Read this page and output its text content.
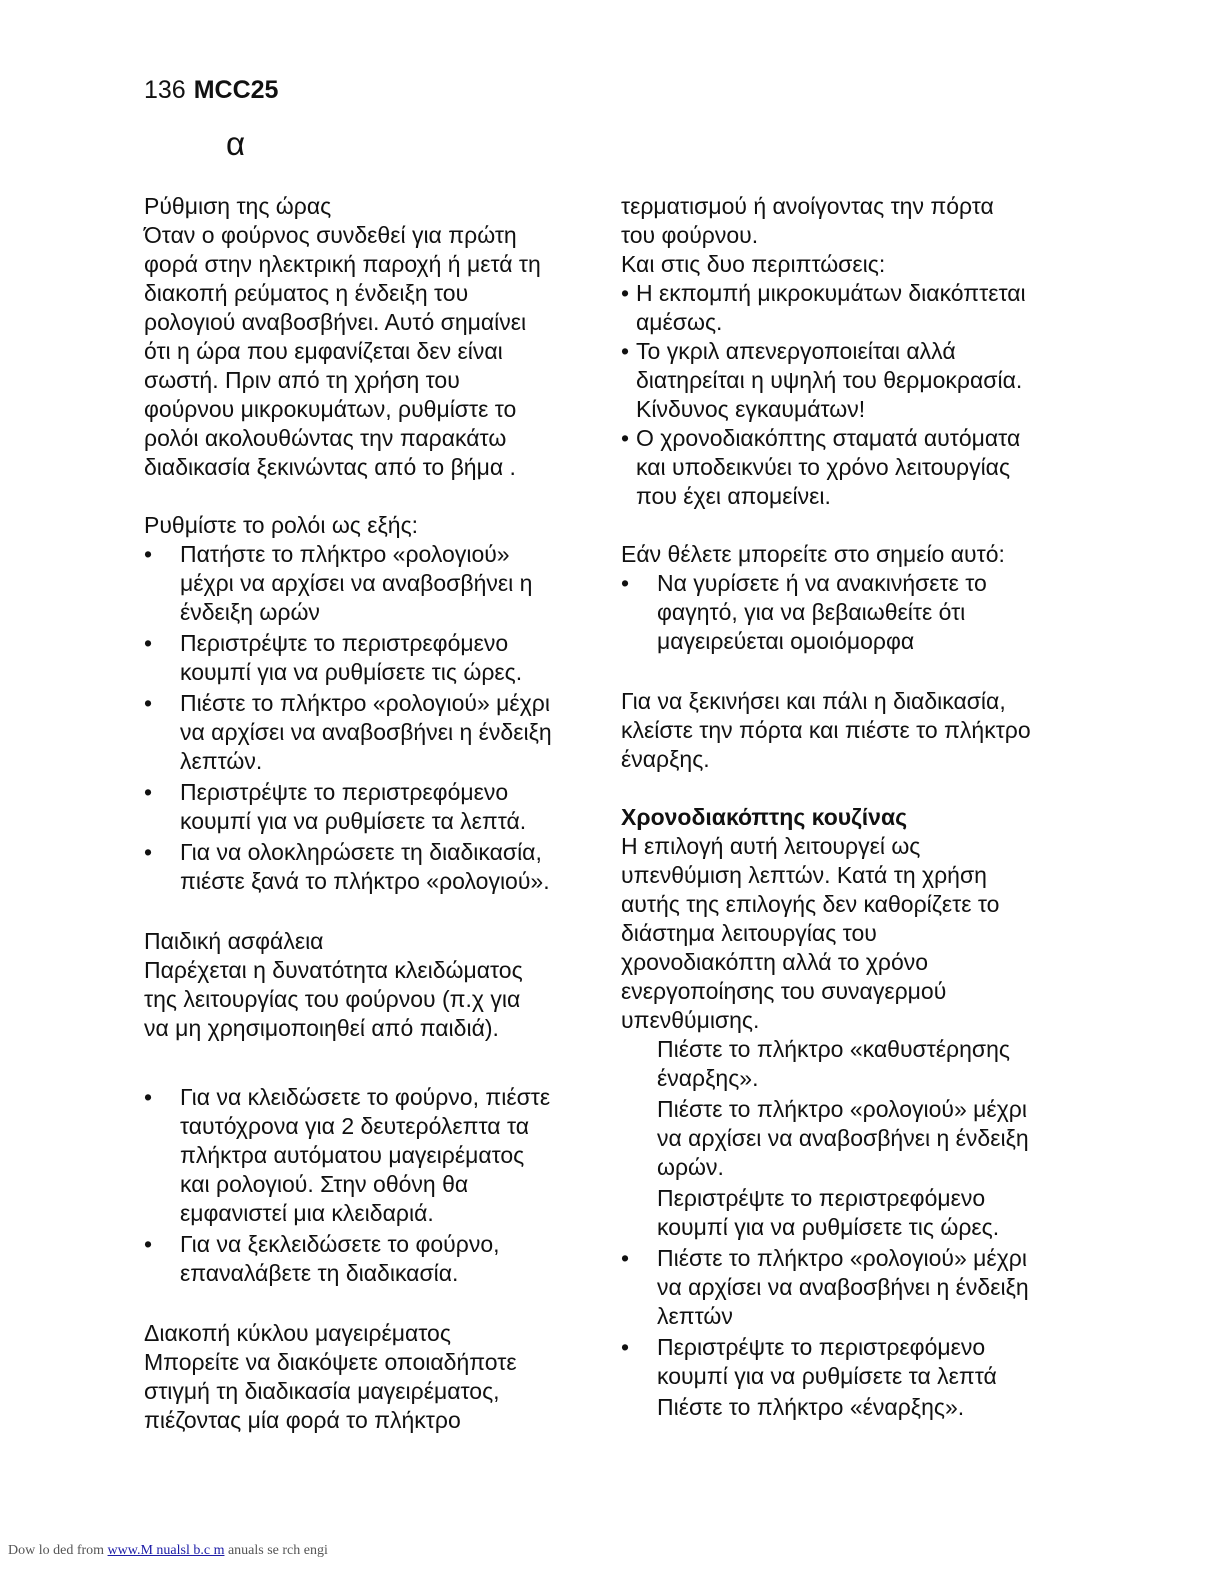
136 MCC25
α
Ρύθμιση της ώρας
Όταν ο φούρνος συνδεθεί για πρώτη
φορά στην ηλεκτρική παροχή ή μετά τη
διακοπή ρεύματος η ένδειξη του
ρολογιού αναβοσβήνει. Αυτό σημαίνει
ότι η ώρα που εμφανίζεται δεν είναι
σωστή. Πριν από τη χρήση του
φούρνου μικροκυμάτων, ρυθμίστε το
ρολόι ακολουθώντας την παρακάτω
διαδικασία ξεκινώντας από το βήμα .
Ρυθμίστε το ρολόι ως εξής:
•	Πατήστε το πλήκτρο «ρολογιού»
μέχρι να αρχίσει να αναβοσβήνει η
ένδειξη ωρών
•	Περιστρέψτε το περιστρεφόμενο
κουμπί για να ρυθμίσετε τις ώρες.
•	Πιέστε το πλήκτρο «ρολογιού» μέχρι
να αρχίσει να αναβοσβήνει η ένδειξη
λεπτών.
•	Περιστρέψτε το περιστρεφόμενο
κουμπί για να ρυθμίσετε τα λεπτά.
•	Για να ολοκληρώσετε τη διαδικασία,
πιέστε ξανά το πλήκτρο «ρολογιού».
Παιδική ασφάλεια
Παρέχεται η δυνατότητα κλειδώματος
της λειτουργίας του φούρνου (π.χ για
να μη χρησιμοποιηθεί από παιδιά).
•	Για να κλειδώσετε το φούρνο, πιέστε
ταυτόχρονα για 2 δευτερόλεπτα τα
πλήκτρα αυτόματου μαγειρέματος
και ρολογιού. Στην οθόνη θα
εμφανιστεί μια κλειδαριά.
•	Για να ξεκλειδώσετε το φούρνο,
επαναλάβετε τη διαδικασία.
Διακοπή κύκλου μαγειρέματος
Μπορείτε να διακόψετε οποιαδήποτε
στιγμή τη διαδικασία μαγειρέματος,
πιέζοντας μία φορά το πλήκτρο
τερματισμού ή ανοίγοντας την πόρτα
του φούρνου.
Και στις δυο περιπτώσεις:
• Η εκπομπή μικροκυμάτων διακόπτεται
αμέσως.
• Το γκριλ απενεργοποιείται αλλά
διατηρείται η υψηλή του θερμοκρασία.
Κίνδυνος εγκαυμάτων!
• Ο χρονοδιακόπτης σταματά αυτόματα
και υποδεικνύει το χρόνο λειτουργίας
που έχει απομείνει.
Εάν θέλετε μπορείτε στο σημείο αυτό:
•	Να γυρίσετε ή να ανακινήσετε το
φαγητό, για να βεβαιωθείτε ότι
μαγειρεύεται ομοιόμορφα
Για να ξεκινήσει και πάλι η διαδικασία,
κλείστε την πόρτα και πιέστε το πλήκτρο
έναρξης.
Χρονοδιακόπτης κουζίνας
Η επιλογή αυτή λειτουργεί ως
υπενθύμιση λεπτών. Κατά τη χρήση
αυτής της επιλογής δεν καθορίζετε το
διάστημα λειτουργίας του
χρονοδιακόπτη αλλά το χρόνο
ενεργοποίησης του συναγερμού
υπενθύμισης.
Πιέστε το πλήκτρο «καθυστέρησης
έναρξης».
Πιέστε το πλήκτρο «ρολογιού» μέχρι
να αρχίσει να αναβοσβήνει η ένδειξη
ωρών.
Περιστρέψτε το περιστρεφόμενο
κουμπί για να ρυθμίσετε τις ώρες.
•	Πιέστε το πλήκτρο «ρολογιού» μέχρι
να αρχίσει να αναβοσβήνει η ένδειξη
λεπτών
•	Περιστρέψτε το περιστρεφόμενο
κουμπί για να ρυθμίσετε τα λεπτά
Πιέστε το πλήκτρο «έναρξης».
Dow lo ded from www.M nualsl b.c m anuals se rch engi
